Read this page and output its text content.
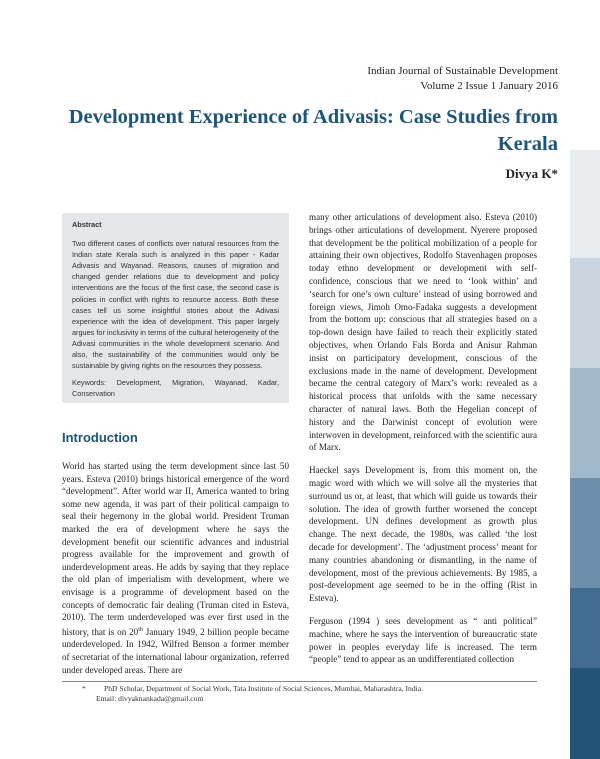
Indian Journal of Sustainable Development
Volume 2 Issue 1 January 2016
Development Experience of Adivasis: Case Studies from Kerala
Divya K*
Abstract
Two different cases of conflicts over natural resources from the Indian state Kerala such is analyzed in this paper - Kadar Adivasis and Wayanad. Reasons, causes of migration and changed gender relations due to development and policy interventions are the focus of the first case, the second case is policies in conflict with rights to resource access. Both these cases tell us some insightful stories about the Adivasi experience with the idea of development. This paper largely argues for inclusivity in terms of the cultural heterogeneity of the Adivasi communities in the whole development scenario. And also, the sustainability of the communities would only be sustainable by giving rights on the resources they possess.
Keywords: Development, Migration, Wayanad, Kadar, Conservation
Introduction

World has started using the term development since last 50 years. Esteva (2010) brings historical emergence of the word “development”. After world war II, America wanted to bring some new agenda, it was part of their political campaign to seal their hegemony in the global world. President Truman marked the era of development where he says the development benefit our scientific advances and industrial progress available for the improvement and growth of underdevelopment areas. He adds by saying that they replace the old plan of imperialism with development, where we envisage is a programme of development based on the concepts of democratic fair dealing (Truman cited in Esteva, 2010). The term underdeveloped was ever first used in the history, that is on 20th January 1949, 2 billion people became underdeveloped. In 1942, Wilfred Benson a former member of secretariat of the international labour organization, referred under developed areas. There are

many other articulations of development also. Esteva (2010) brings other articulations of development. Nyerere proposed that development be the political mobilization of a people for attaining their own objectives, Rodolfo Stavenhagen proposes today ethno development or development with self-confidence, conscious that we need to ‘look within’ and ‘search for one’s own culture’ instead of using borrowed and foreign views, Jimoh Omo-Fadaka suggests a development from the bottom up: conscious that all strategies based on a top-down design have failed to reach their explicitly stated objectives, when Orlando Fals Borda and Anisur Rahman insist on participatory development, conscious of the exclusions made in the name of development. Development became the central category of Marx’s work: revealed as a historical process that unfolds with the same necessary character of natural laws. Both the Hegelian concept of history and the Darwinist concept of evolution were interwoven in development, reinforced with the scientific aura of Marx.

Haeckel says Development is, from this moment on, the magic word with which we will solve all the mysteries that surround us or, at least, that which will guide us towards their solution. The idea of growth further worsened the concept development. UN defines development as growth plus change. The next decade, the 1980s, was called ‘the lost decade for development’. The ‘adjustment process’ meant for many countries abandoning or dismantling, in the name of development, most of the previous achievements. By 1985, a post-development age seemed to be in the offing (Rist in Esteva).

Ferguson (1994 ) sees development as “ anti political” machine, where he says the intervention of bureaucratic state power in peoples everyday life is increased. The term “people” tend to appear as an undifferentiated collection

* PhD Scholar, Department of Social Work, Tata Institute of Social Sciences, Mumbai, Maharashtra, India.
Email: divyaknankada@gmail.com
